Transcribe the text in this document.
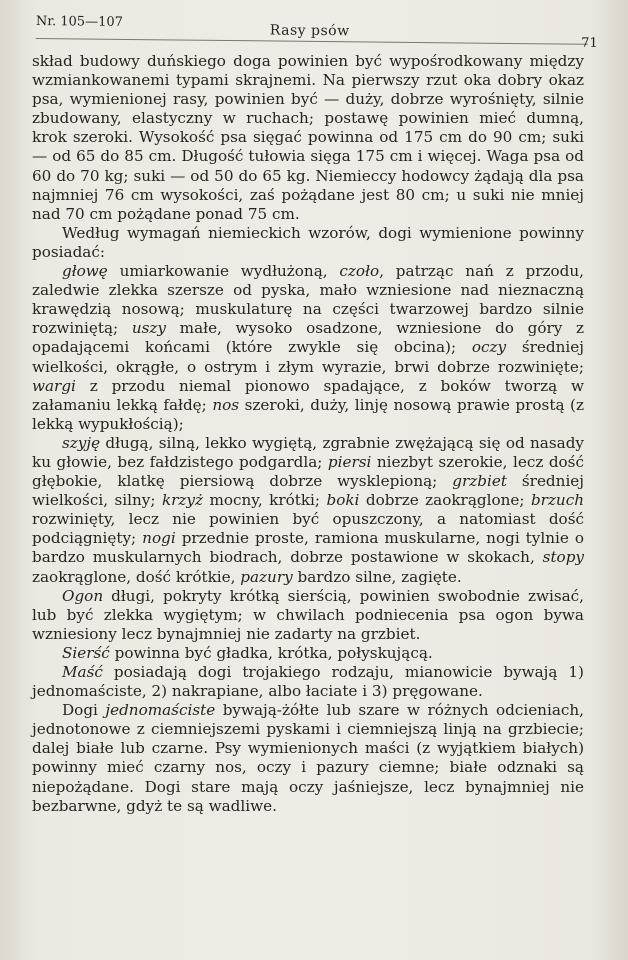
Nr. 105—107
Rasy psów
71

skład budowy duńskiego doga powinien być wypośrodkowany między wzmiankowanemi typami skrajnemi. Na pierwszy rzut oka dobry okaz psa, wymienionej rasy, powinien być — duży, dobrze wyrośnięty, silnie zbudowany, elastyczny w ruchach; postawę powinien mieć dumną, krok szeroki. Wysokość psa sięgać powinna od 175 cm do 90 cm; suki — od 65 do 85 cm. Długość tułowia sięga 175 cm i więcej. Waga psa od 60 do 70 kg; suki — od 50 do 65 kg. Niemieccy hodowcy żądają dla psa najmniej 76 cm wysokości, zaś pożądane jest 80 cm; u suki nie mniej nad 70 cm pożądane ponad 75 cm.

Według wymagań niemieckich wzorów, dogi wymienione powinny posiadać:

głowę umiarkowanie wydłużoną, czoło, patrząc nań z przodu, zaledwie zlekka szersze od pyska, mało wzniesione nad nieznaczną krawędzią nosową; muskulaturę na części twarzowej bardzo silnie rozwiniętą; uszy małe, wysoko osadzone, wzniesione do góry z opadającemi końcami (które zwykle się obcina); oczy średniej wielkości, okrągłe, o ostrym i złym wyrazie, brwi dobrze rozwinięte; wargi z przodu niemal pionowo spadające, z boków tworzą w załamaniu lekką fałdę; nos szeroki, duży, linję nosową prawie prostą (z lekką wypukłością);

szyję długą, silną, lekko wygiętą, zgrabnie zwężającą się od nasady ku głowie, bez fałdzistego podgardla; piersi niezbyt szerokie, lecz dość głębokie, klatkę piersiową dobrze wysklepioną; grzbiet średniej wielkości, silny; krzyż mocny, krótki; boki dobrze zaokrąglone; brzuch rozwinięty, lecz nie powinien być opuszczony, a natomiast dość podciągnięty; nogi przednie proste, ramiona muskularne, nogi tylnie o bardzo muskularnych biodrach, dobrze postawione w skokach, stopy zaokrąglone, dość krótkie, pazury bardzo silne, zagięte.

Ogon długi, pokryty krótką sierścią, powinien swobodnie zwisać, lub być zlekka wygiętym; w chwilach podniecenia psa ogon bywa wzniesiony lecz bynajmniej nie zadarty na grzbiet.

Sierść powinna być gładka, krótka, połyskującą.

Maść posiadają dogi trojakiego rodzaju, mianowicie bywają 1) jednomaściste, 2) nakrapiane, albo łaciate i 3) pręgowane.

Dogi jednomaściste bywają-żółte lub szare w różnych odcieniach, jednotonowe z ciemniejszemi pyskami i ciemniejszą linją na grzbiecie; dalej białe lub czarne. Psy wymienionych maści (z wyjątkiem białych) powinny mieć czarny nos, oczy i pazury ciemne; białe odznaki są niepożądane. Dogi stare mają oczy jaśniejsze, lecz bynajmniej nie bezbarwne, gdyż te są wadliwe.
